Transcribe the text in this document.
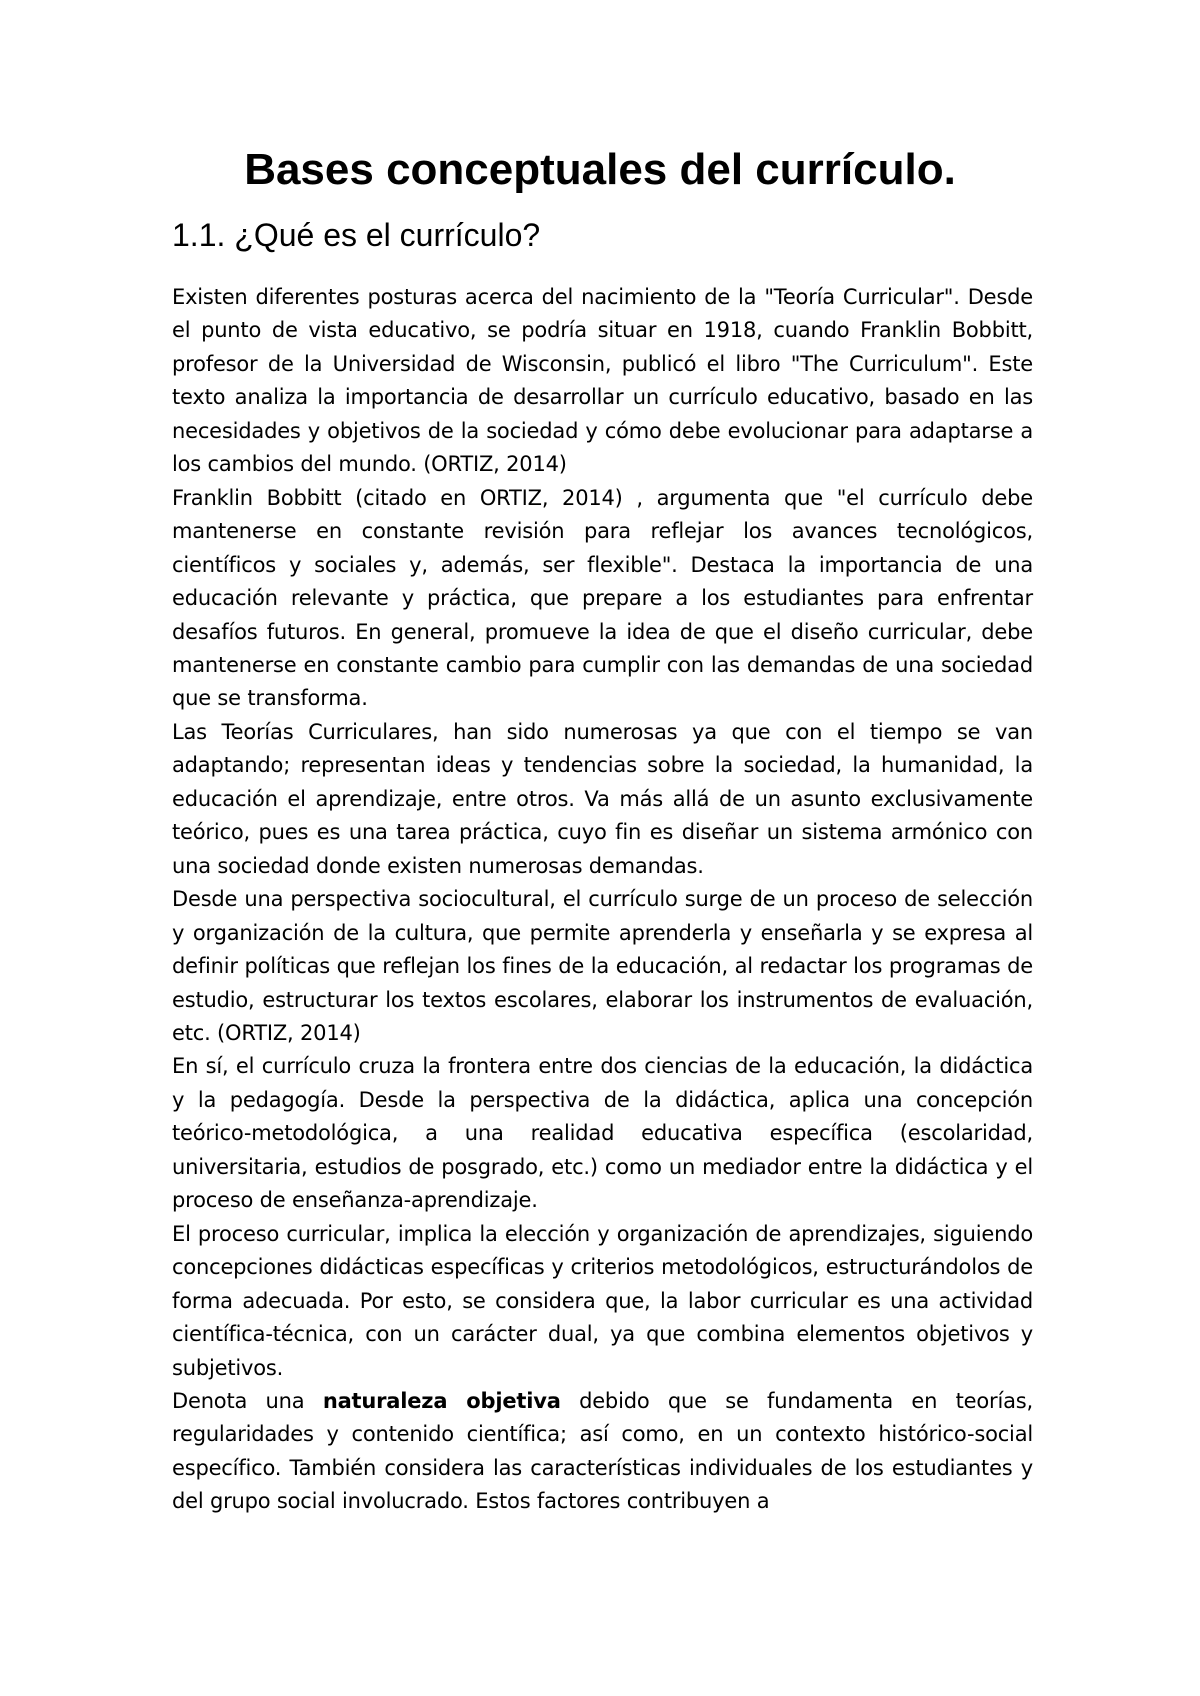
Bases conceptuales del currículo.
1.1. ¿Qué es el currículo?

Existen diferentes posturas acerca del nacimiento de la "Teoría Curricular". Desde el punto de vista educativo, se podría situar en 1918, cuando Franklin Bobbitt, profesor de la Universidad de Wisconsin, publicó el libro "The Curriculum". Este texto analiza la importancia de desarrollar un currículo educativo, basado en las necesidades y objetivos de la sociedad y cómo debe evolucionar para adaptarse a los cambios del mundo. (ORTIZ, 2014)

Franklin Bobbitt (citado en ORTIZ, 2014) , argumenta que "el currículo debe mantenerse en constante revisión para reflejar los avances tecnológicos, científicos y sociales y, además, ser flexible". Destaca la importancia de una educación relevante y práctica, que prepare a los estudiantes para enfrentar desafíos futuros. En general, promueve la idea de que el diseño curricular, debe mantenerse en constante cambio para cumplir con las demandas de una sociedad que se transforma.

Las Teorías Curriculares, han sido numerosas ya que con el tiempo se van adaptando; representan ideas y tendencias sobre la sociedad, la humanidad, la educación el aprendizaje, entre otros. Va más allá de un asunto exclusivamente teórico, pues es una tarea práctica, cuyo fin es diseñar un sistema armónico con una sociedad donde existen numerosas demandas.

Desde una perspectiva sociocultural, el currículo surge de un proceso de selección y organización de la cultura, que permite aprenderla y enseñarla y se expresa al definir políticas que reflejan los fines de la educación, al redactar los programas de estudio, estructurar los textos escolares, elaborar los instrumentos de evaluación, etc. (ORTIZ, 2014)

En sí, el currículo cruza la frontera entre dos ciencias de la educación, la didáctica y la pedagogía. Desde la perspectiva de la didáctica, aplica una concepción teórico-metodológica, a una realidad educativa específica (escolaridad, universitaria, estudios de posgrado, etc.) como un mediador entre la didáctica y el proceso de enseñanza-aprendizaje.

El proceso curricular, implica la elección y organización de aprendizajes, siguiendo concepciones didácticas específicas y criterios metodológicos, estructurándolos de forma adecuada. Por esto, se considera que, la labor curricular es una actividad científica-técnica, con un carácter dual, ya que combina elementos objetivos y subjetivos.

Denota una naturaleza objetiva debido que se fundamenta en teorías, regularidades y contenido científica; así como, en un contexto histórico-social específico. También considera las características individuales de los estudiantes y del grupo social involucrado. Estos factores contribuyen a
